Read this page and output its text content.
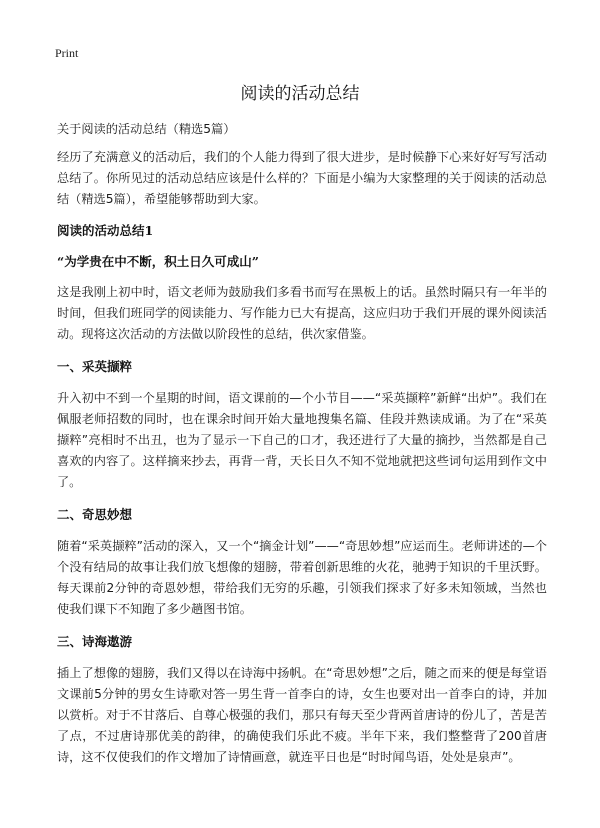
Print
阅读的活动总结

关于阅读的活动总结（精选5篇）

经历了充满意义的活动后，我们的个人能力得到了很大进步，是时候静下心来好好写写活动总结了。你所见过的活动总结应该是什么样的？下面是小编为大家整理的关于阅读的活动总结（精选5篇），希望能够帮助到大家。

阅读的活动总结1

“为学贵在中不断，积土日久可成山”

这是我刚上初中时，语文老师为鼓励我们多看书而写在黑板上的话。虽然时隔只有一年半的时间，但我们班同学的阅读能力、写作能力已大有提高，这应归功于我们开展的课外阅读活动。现将这次活动的方法做以阶段性的总结，供次家借鉴。

一、采英撷粹

升入初中不到一个星期的时间，语文课前的—个小节目——“采英撷粹”新鲜“出炉”。我们在佩服老师招数的同时，也在课余时间开始大量地搜集名篇、佳段并熟读成诵。为了在“采英撷粹”亮相时不出丑，也为了显示一下自己的口才，我还进行了大量的摘抄，当然都是自己喜欢的内容了。这样摘来抄去，再背一背，天长日久不知不觉地就把这些词句运用到作文中了。

二、奇思妙想

随着“采英撷粹”活动的深入，又一个“摘金计划”——“奇思妙想”应运而生。老师讲述的—个个没有结局的故事让我们放飞想像的翅膀，带着创新思维的火花，驰骋于知识的千里沃野。每天课前2分钟的奇恩妙想，带给我们无穷的乐趣，引领我们探求了好多未知领域，当然也使我们课下不知跑了多少趟图书馆。

三、诗海遨游

插上了想像的翅膀，我们又得以在诗海中扬帆。在“奇思妙想”之后，随之而来的便是每堂语文课前5分钟的男女生诗歌对答一男生背一首李白的诗，女生也要对出一首李白的诗，并加以赏析。对于不甘落后、自尊心极强的我们，那只有每天至少背两首唐诗的份儿了，苦是苦了点，不过唐诗那优美的韵律，的确使我们乐此不疲。半年下来，我们整整背了200首唐诗，这不仅使我们的作文增加了诗情画意，就连平日也是“时时闻鸟语，处处是泉声”。
